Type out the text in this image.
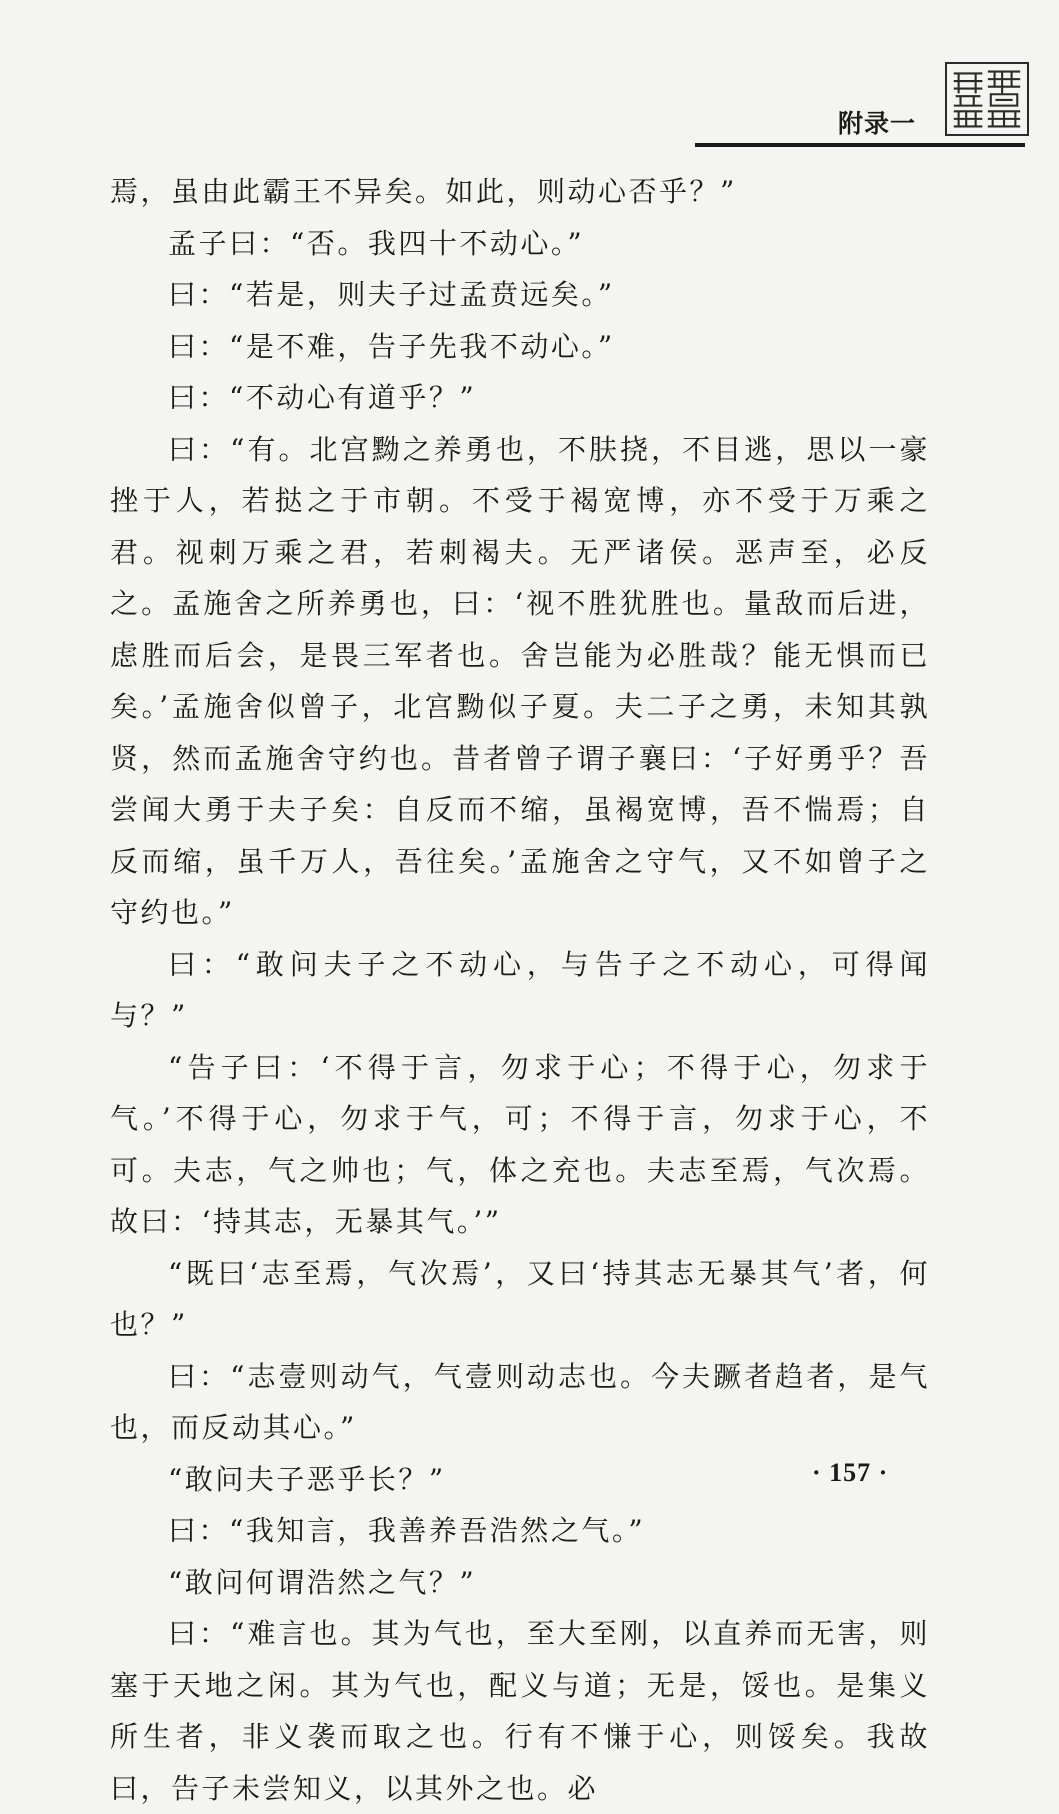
附录一

焉，虽由此霸王不异矣。如此，则动心否乎？”

孟子曰：“否。我四十不动心。”

曰：“若是，则夫子过孟贲远矣。”

曰：“是不难，告子先我不动心。”

曰：“不动心有道乎？”

曰：“有。北宫黝之养勇也，不肤挠，不目逃，思以一豪挫于人，若挞之于市朝。不受于褐宽博，亦不受于万乘之君。视刺万乘之君，若刺褐夫。无严诸侯。恶声至，必反之。孟施舍之所养勇也，曰：‘视不胜犹胜也。量敌而后进，虑胜而后会，是畏三军者也。舍岂能为必胜哉？能无惧而已矣。’孟施舍似曾子，北宫黝似子夏。夫二子之勇，未知其孰贤，然而孟施舍守约也。昔者曾子谓子襄曰：‘子好勇乎？吾尝闻大勇于夫子矣：自反而不缩，虽褐宽博，吾不惴焉；自反而缩，虽千万人，吾往矣。’孟施舍之守气，又不如曾子之守约也。”

曰：“敢问夫子之不动心，与告子之不动心，可得闻与？”

“告子曰：‘不得于言，勿求于心；不得于心，勿求于气。’不得于心，勿求于气，可；不得于言，勿求于心，不可。夫志，气之帅也；气，体之充也。夫志至焉，气次焉。故曰：‘持其志，无暴其气。’”

“既曰‘志至焉，气次焉’，又曰‘持其志无暴其气’者，何也？”

曰：“志壹则动气，气壹则动志也。今夫蹶者趋者，是气也，而反动其心。”

“敢问夫子恶乎长？”

曰：“我知言，我善养吾浩然之气。”

“敢问何谓浩然之气？”

曰：“难言也。其为气也，至大至刚，以直养而无害，则塞于天地之闲。其为气也，配义与道；无是，馁也。是集义所生者，非义袭而取之也。行有不慊于心，则馁矣。我故曰，告子未尝知义，以其外之也。必

· 157 ·
